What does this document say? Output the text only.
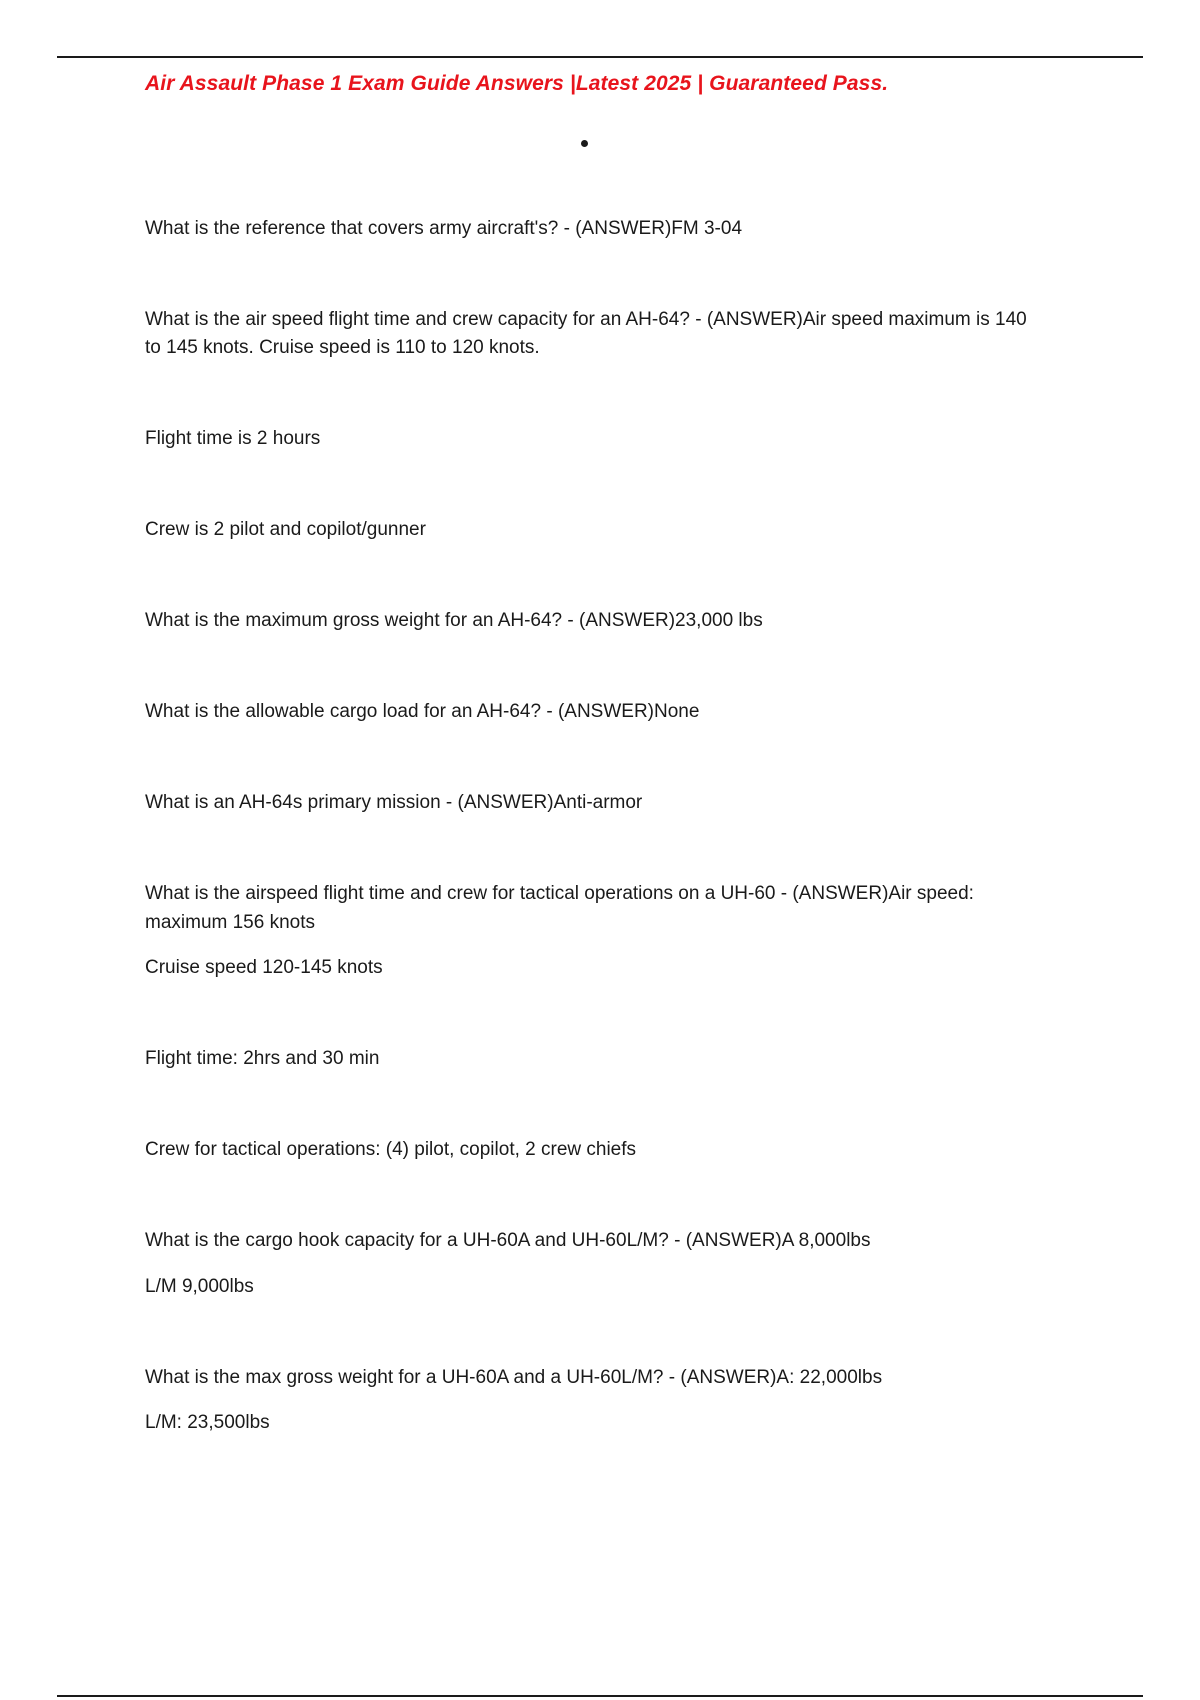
Air Assault Phase 1 Exam Guide Answers |Latest 2025 | Guaranteed Pass.

What is the reference that covers army aircraft's? - (ANSWER)FM 3-04

What is the air speed flight time and crew capacity for an AH-64? - (ANSWER)Air speed maximum is 140

to 145 knots. Cruise speed is 110 to 120 knots.

Flight time is 2 hours

Crew is 2 pilot and copilot/gunner

What is the maximum gross weight for an AH-64? - (ANSWER)23,000 lbs

What is the allowable cargo load for an AH-64? - (ANSWER)None

What is an AH-64s primary mission - (ANSWER)Anti-armor

What is the airspeed flight time and crew for tactical operations on a UH-60 - (ANSWER)Air speed:

maximum 156 knots

Cruise speed 120-145 knots

Flight time: 2hrs and 30 min

Crew for tactical operations: (4) pilot, copilot, 2 crew chiefs

What is the cargo hook capacity for a UH-60A and UH-60L/M? - (ANSWER)A 8,000lbs

L/M 9,000lbs

What is the max gross weight for a UH-60A and a UH-60L/M? - (ANSWER)A: 22,000lbs

L/M: 23,500lbs
